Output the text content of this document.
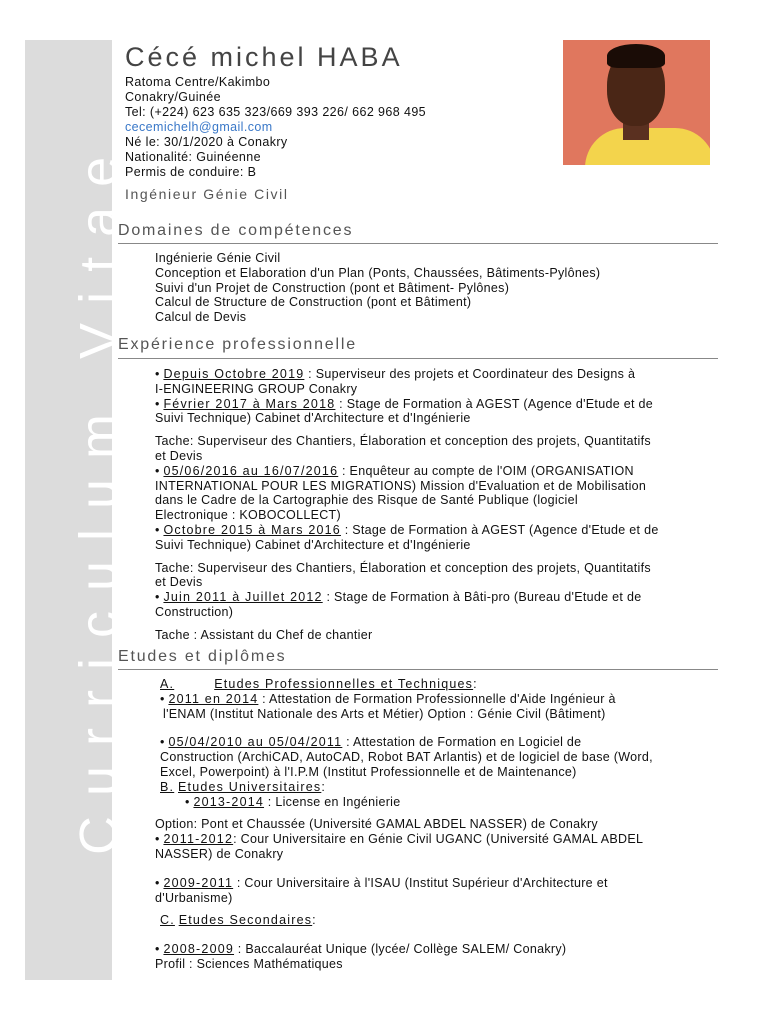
Curriculum Vitae
Cécé michel HABA
Ratoma Centre/Kakimbo
Conakry/Guinée
Tel: (+224) 623 635 323/669 393 226/ 662 968 495
cecemichelh@gmail.com
Né le: 30/1/2020 à Conakry
Nationalité: Guinéenne
Permis de conduire: B
Ingénieur Génie Civil
Domaines de compétences
Ingénierie Génie Civil
Conception et Elaboration d'un Plan (Ponts, Chaussées, Bâtiments-Pylônes)
Suivi d'un Projet de Construction (pont et Bâtiment- Pylônes)
Calcul de Structure de Construction (pont et Bâtiment)
Calcul de Devis
Expérience professionnelle
• Depuis Octobre 2019 : Superviseur des projets et Coordinateur des Designs à
I-ENGINEERING GROUP Conakry
• Février 2017 à Mars 2018 : Stage de Formation à AGEST (Agence d'Etude et de
Suivi Technique) Cabinet d'Architecture et d'Ingénierie
Tache: Superviseur des Chantiers, Élaboration et conception des projets, Quantitatifs
et Devis
• 05/06/2016 au 16/07/2016 : Enquêteur au compte de l'OIM (ORGANISATION
INTERNATIONAL POUR LES MIGRATIONS) Mission d'Evaluation et de Mobilisation
dans le Cadre de la Cartographie des Risque de Santé Publique (logiciel
Electronique : KOBOCOLLECT)
• Octobre 2015 à Mars 2016 : Stage de Formation à AGEST (Agence d'Etude et de
Suivi Technique) Cabinet d'Architecture et d'Ingénierie
Tache: Superviseur des Chantiers, Élaboration et conception des projets, Quantitatifs
et Devis
• Juin 2011 à Juillet 2012 : Stage de Formation à Bâti-pro (Bureau d'Etude et de
Construction)
Tache : Assistant du Chef de chantier
Etudes et diplômes
A.	Etudes Professionnelles et Techniques:
• 2011 en 2014 : Attestation de Formation Professionnelle d'Aide Ingénieur à
l'ENAM (Institut Nationale des Arts et Métier) Option : Génie Civil (Bâtiment)
• 05/04/2010 au 05/04/2011 : Attestation de Formation en Logiciel de
Construction (ArchiCAD, AutoCAD, Robot BAT Arlantis) et de logiciel de base (Word,
Excel, Powerpoint) à l'I.P.M (Institut Professionnelle et de Maintenance)
B. Etudes Universitaires:
• 2013-2014 : License en Ingénierie
Option: Pont et Chaussée (Université GAMAL ABDEL NASSER) de Conakry
• 2011-2012: Cour Universitaire en Génie Civil UGANC (Université GAMAL ABDEL
NASSER) de Conakry
• 2009-2011 : Cour Universitaire à l'ISAU (Institut Supérieur d'Architecture et
d'Urbanisme)
C. Etudes Secondaires:
• 2008-2009 : Baccalauréat Unique (lycée/ Collège SALEM/ Conakry)
Profil : Sciences Mathématiques
